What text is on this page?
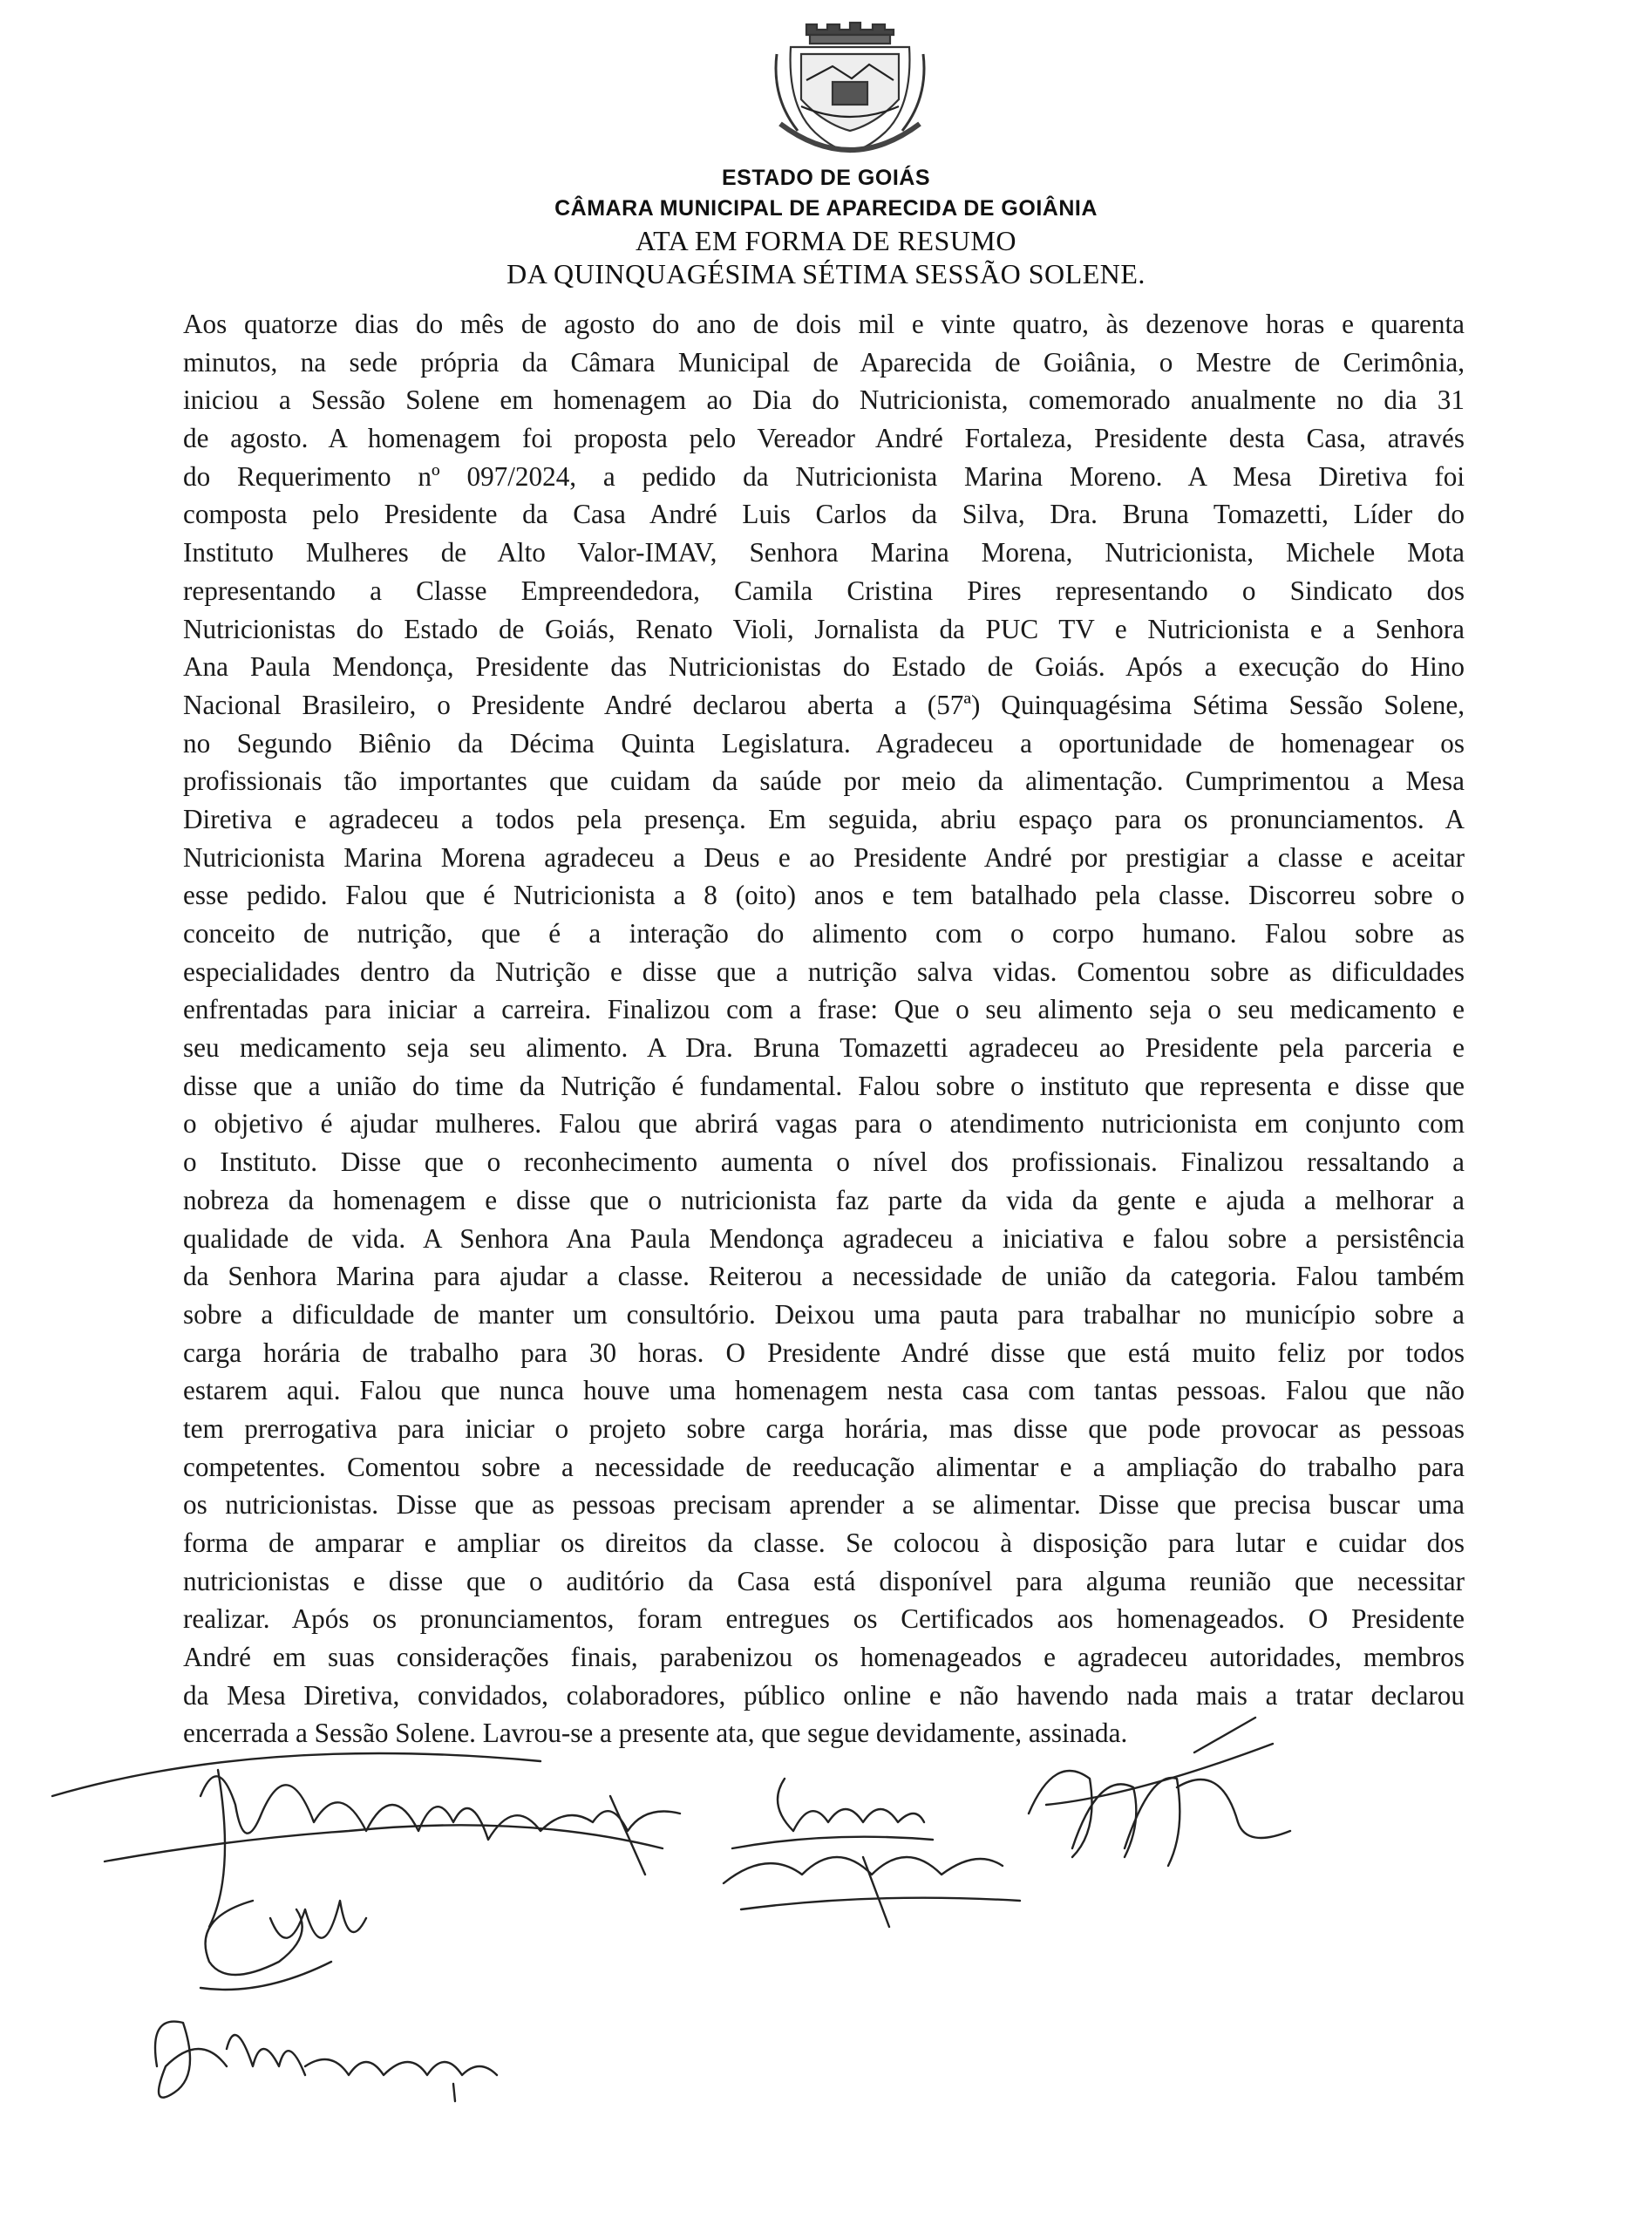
ESTADO DE GOIÁS
CÂMARA MUNICIPAL DE APARECIDA DE GOIÂNIA
ATA EM FORMA DE RESUMO
DA QUINQUAGÉSIMA SÉTIMA SESSÃO SOLENE.
Aos quatorze dias do mês de agosto do ano de dois mil e vinte quatro, às dezenove horas e quarenta
minutos, na sede própria da Câmara Municipal de Aparecida de Goiânia, o Mestre de Cerimônia,
iniciou a Sessão Solene em homenagem ao Dia do Nutricionista, comemorado anualmente no dia 31
de agosto. A homenagem foi proposta pelo Vereador André Fortaleza, Presidente desta Casa, através
do Requerimento nº 097/2024, a pedido da Nutricionista Marina Moreno. A Mesa Diretiva foi
composta pelo Presidente da Casa André Luis Carlos da Silva, Dra. Bruna Tomazetti, Líder do
Instituto Mulheres de Alto Valor-IMAV, Senhora Marina Morena, Nutricionista, Michele Mota
representando a Classe Empreendedora, Camila Cristina Pires representando o Sindicato dos
Nutricionistas do Estado de Goiás, Renato Violi, Jornalista da PUC TV e Nutricionista e a Senhora
Ana Paula Mendonça, Presidente das Nutricionistas do Estado de Goiás. Após a execução do Hino
Nacional Brasileiro, o Presidente André declarou aberta a (57ª) Quinquagésima Sétima Sessão Solene,
no Segundo Biênio da Décima Quinta Legislatura. Agradeceu a oportunidade de homenagear os
profissionais tão importantes que cuidam da saúde por meio da alimentação. Cumprimentou a Mesa
Diretiva e agradeceu a todos pela presença. Em seguida, abriu espaço para os pronunciamentos. A
Nutricionista Marina Morena agradeceu a Deus e ao Presidente André por prestigiar a classe e aceitar
esse pedido. Falou que é Nutricionista a 8 (oito) anos e tem batalhado pela classe. Discorreu sobre o
conceito de nutrição, que é a interação do alimento com o corpo humano. Falou sobre as
especialidades dentro da Nutrição e disse que a nutrição salva vidas. Comentou sobre as dificuldades
enfrentadas para iniciar a carreira. Finalizou com a frase: Que o seu alimento seja o seu medicamento e
seu medicamento seja seu alimento. A Dra. Bruna Tomazetti agradeceu ao Presidente pela parceria e
disse que a união do time da Nutrição é fundamental. Falou sobre o instituto que representa e disse que
o objetivo é ajudar mulheres. Falou que abrirá vagas para o atendimento nutricionista em conjunto com
o Instituto. Disse que o reconhecimento aumenta o nível dos profissionais. Finalizou ressaltando a
nobreza da homenagem e disse que o nutricionista faz parte da vida da gente e ajuda a melhorar a
qualidade de vida. A Senhora Ana Paula Mendonça agradeceu a iniciativa e falou sobre a persistência
da Senhora Marina para ajudar a classe. Reiterou a necessidade de união da categoria. Falou também
sobre a dificuldade de manter um consultório. Deixou uma pauta para trabalhar no município sobre a
carga horária de trabalho para 30 horas. O Presidente André disse que está muito feliz por todos
estarem aqui. Falou que nunca houve uma homenagem nesta casa com tantas pessoas. Falou que não
tem prerrogativa para iniciar o projeto sobre carga horária, mas disse que pode provocar as pessoas
competentes. Comentou sobre a necessidade de reeducação alimentar e a ampliação do trabalho para
os nutricionistas. Disse que as pessoas precisam aprender a se alimentar. Disse que precisa buscar uma
forma de amparar e ampliar os direitos da classe. Se colocou à disposição para lutar e cuidar dos
nutricionistas e disse que o auditório da Casa está disponível para alguma reunião que necessitar
realizar. Após os pronunciamentos, foram entregues os Certificados aos homenageados. O Presidente
André em suas considerações finais, parabenizou os homenageados e agradeceu autoridades, membros
da Mesa Diretiva, convidados, colaboradores, público online e não havendo nada mais a tratar declarou
encerrada a Sessão Solene. Lavrou-se a presente ata, que segue devidamente, assinada.
